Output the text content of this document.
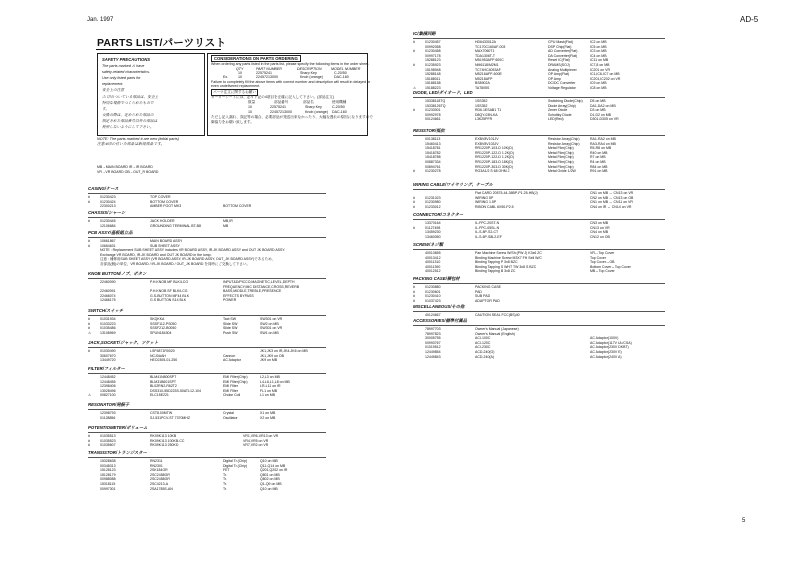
Jan. 1997	AD-5
5
PARTS LIST/パーツリスト
SAFETY PRECAUTIONS
The parts marked ⚠ have
safety-related characteristics.
Use only listed parts for
replacement.
安全上の注意
⚠ 印のついている部品は、安全上
特別な規格でつくられたもので
す。
交換の際は、定められた部品の
指定された部品番号以外の部品は
使用しないようにして下さい。
CONSIDERATIONS ON PARTS ORDERING
When ordering any parts listed in the parts list, please specify the following items in the order sheet.
QTY	PART NUMBER	DESCRIPTION	MODEL NUMBER
10	22575241	Sharp Key	C-20/50
Ex.	10	22457213000	Knob (orange)	DAC-160
Failure to completely fill the above items with correct number and description will result in delayed or
even undelivered replacement.
パーツ注文に関するお願い
オーダーシートには、必ず下記の4項目を正確に記入して下さい。(部品注文)
数量	部品番号	部品名	使用機種
10	22575241	Sharp Key	C-20/50
10	22457213000	Knob (orange) DAC-160
ただし記入漏れ、誤記等の場合、必要部品が発送出来なかったり、大幅な遅れの原因になりますので
御協力をお願い致します。
NOTE: The parts marked # are new (initial parts)
注意:#印の付いた部品は新規部品です。
MB→MAIN BOARD IR→IR BOARD
VR→VR BOARD OB→OUT_R BOARD
CASING/ケース
#	01230423	TOP COVER
#	01230424	BOTTOM COVER
22300213	AMBER FOOT MK3	BOTTOM COVER
CHASSIS/シャーシ
#	01230445	JACK HOLDER	MB,IR
12106684	GROUNDING TERMINAL BT-B8	MB
PCB ASSY/基板組立品
#	10661867	MAIN BOARD ASSY
#	10664631	SUB SHEET ASSY
NOTE : Replacement SUB SHEET ASSY includes VR BOARD ASSY, IR-JK BOARD ASSY and OUT JK BOARD ASSY.
Exchange VR BOARD, IR-JK BOARD and OUT JK BOARD in the lump.
注意 : 補修用SUB SHEET ASSY (VR BOARD ASSY, IR-JK BOARD ASSY, OUT_JK BOARD ASSY)であるため、
各部品(個)の単位、VR BOARD / IR-JK BOARD / OUT_JK BOARD を同時にご交換して下さい。
KNOB BUTTON/ノブ、ボタン
22460090	P.H.KNOB MF BLK/LCG	INPUT&D/PICCO,MAGNETIC,LEVEL,DEPTH
FREQUENCY,MIC DISTANCE,CROSS,REVERB
22460091	P.H.KNOB SF BLK/LCG	BASS,MIDDLE,TREBLE,PRESENCE
22466074	G.S-BUTTON MF44 BLK	EFFECTS BYPASS
12466175	G.S BUTTON S14 BLK	POWER
SWITCH/スイッチ
#	01031934	SKQKKA	Tact SW	SW301 on VR
#	01033223	SSSF112-PS050	Slide SW	SW2 on MB
#	01035486	SSSF212-B0050	Slide SW	SW301 on VR
⚠	13108969	SPUN184304	Push SW	SW1 on MB
JACK,SOCKET/ジャック、ソケット
#	01030490	LSP4871R0020	JK1,JK3 on IR,JK4-JK6 on MB
30607670	NCJ0AAH	Cannon	JK1,JK9 on OB
13449720	HEC0305-01-250	AC Adaptor	JK9 on MB
FILTER/フィルター
12448452	BLM41N800SPT	EMI Filter(Chip)	L2,L3 on MB
12448455	BLM31B601SPT	EMI Filter(Chip)	L4-L6,L1,L8 on MB
12398406	BL02RN2-R62T2	EMI Filter	LR-L11 on IR
13028496	DSS310-55D223S-50ATL12-104	EMI Filter	FL1 on MB
⚠	00827100	ELC15E221	Choke Coil	L1 on MB
RESONATOR/発振子
12398793	CST8.00MTW	Crystal	X1 on MB
01128856	SJ-531PCV-ST 7370MHZ	Oscillator	X2 on MB
POTENTIOMETER/ボリューム
#	01035513	RK09K113 10KB	VR1,VR6-VR13 on VR
#	01035523	RK09K113 100KB-CC	VR4,VR5 on VR
#	01035607	RK09K113 250KD	VR7,VR2 on VR
TRANSISTOR/トランジスター
15328638	RN2311	Digital Tr.(Chip)	Q10 on MB
00348313	RN2301	Digital Tr.(Chip)	Q11-Q14 on MB
15128123	2SK184GR	FET	Q201,Q202 on IR
15128179	2SC2458GR	Tr.	Q801 on MB
00988088	2SC2458GR	Tr.	Q802 on MB
15318115	2SC4213-A	Tr.	Q1-Q9 on MB
00997301	2SA1785S-AN	Tr.	Q10 on MB
IC/集積回路
#	01230457	HD6433012A	CPU Mask(Flat)	IC2 on MB
00992058	TC170C160AF-003	DSP Chip(Flat)	IC5 on MB
#	01230458	MAX7060T1	AD Converter(Flat)	IC3 on MB
00997178	TDA1306T-T	DA Converter(Flat)	IC4 on MB
15288123	M51953AFP 600C	Reset IC(Flat)	IC11 on MB
#	01235923	NM6118/M2M1	DRAMS(SOJ)	IC7,8 on MB
15198948	TC74HC4053AF	Analog Multiplexer	IC201 on VR
15288148	M5216AFP-600E	OP Amp(Flat)	IC1,IC6-IC7 on MB
15188011	M5218AFP	OP Amp	IC201,IC202 on VR
15188158	BS8902A	DC/DC Converter	IC9 on MB
⚠	15188223	TA7805S	Voltage Regulator	IC8 on MB
DIODE, LED/ダイオード、LED
15338118TQ	1SS352	Switching Diode(Chip) D5 on MB
15338126TQ	1SS352	Diode Array(Chip)	DA1,DA2 on MB
#	01233001	RD6.1ESAB1 T1	Zener Diode	D3 on MB
00992978	D8QY-03N-KA	Schottky Diode	D1,D2 on MB
00124661	L3K25PFR	LED(Red)	D301-D305 on VR
RESISTOR/抵抗
00138113	EXBV8V101JV	Resistor Array(Chip)	RA1-RA2 on MB
15460413	EXBV8V103JV	Resistor Array(Chip)	RA3-RA4 on MB
15418781	RR1220P-103-D 10K(D)	Metal Film(Chip)	R5-R8 on MB
15418782	RR1220P-122-D 1.2K(D)	Metal Film(Chip)	R40 on MB
15418788	RR1220P-122-D 1.2K(D)	Metal Film(Chip)	R7 on MB
00887334	RR1220P-183-D 18K(D)	Metal Film(Chip)	R4 on MB
00894761	RR1220P-303-D 30K(D)	Metal Film(Chip)	R84 on MB
#	01230278	RG3A1/2 S 68 OHM J	Metal Oxide 1/2W	R91 on MB
WIRING CABLE/ワイヤリング、ケーブル
Flat CARD 20575-44-36BP-P1.25-HB(J)	CN1 on MB ↔ CN13 on VR
#	01231023	WIRING 5P	CN2 on MB ↔ CN13 on OB
#	01230980	WIRING 1.5P	CN1 on MB ↔ CN11 on VR
#	01233012	RIBON CABL 6X50-P2.5	CN4 on IR ↔ CN14 on VR
CONNECTOR/コネクター
13370164	IL-FPC-20ST-N	CN3 on MB
#	01127498	IL-FPC-05SL-N	CN13 on VR
13459230	IL-S-8P-S2-CT	CN4 on MB
13460050	IL-S-6P-S8L2-EF	CN12 on OB
SCREW/ネジ類
40013655	Pan Machine Screw W/Sh:(PW J) K3x6 ZC	VR↔Top Cover
40013412	Binding Machine Screw M3X7 FH Sell W/C	Top Cover
40011310	Binding Tapping P 3x8 BZC	Top Cover↔OB
40011390	Binding Tapping S WHT TW 3x8 S BZC	Bottom Cover↔Top Cover
40012512	Binding Tapping B 3x8 ZC	MB↔Top Cover
PACKING CASE/梱包材
#	01230880	PACKING CASE
#	01230601	PAD
#	01230410	SUB PAD
#	01037423	ADAPTOR PAD
MISCELLANEOUS/その他
40124667	CAUTION SEAL FCC(BS)40
ACCESSORIES/標準付属品
78997703	Owner's Manual (Japanese)
78997823	Owner's Manual (English)
30005755	ACI-100C	AC Adaptor(100V)
00993767	ACI-120C	AC Adaptor(117V UL/CSA)
01019512	ACI-230C	AC Adaptor(230V DKBT)
12449854	ACD-240(G)	AC Adaptor(230V E)
12449843	ACD-240(A)	AC Adaptor(240V A)
